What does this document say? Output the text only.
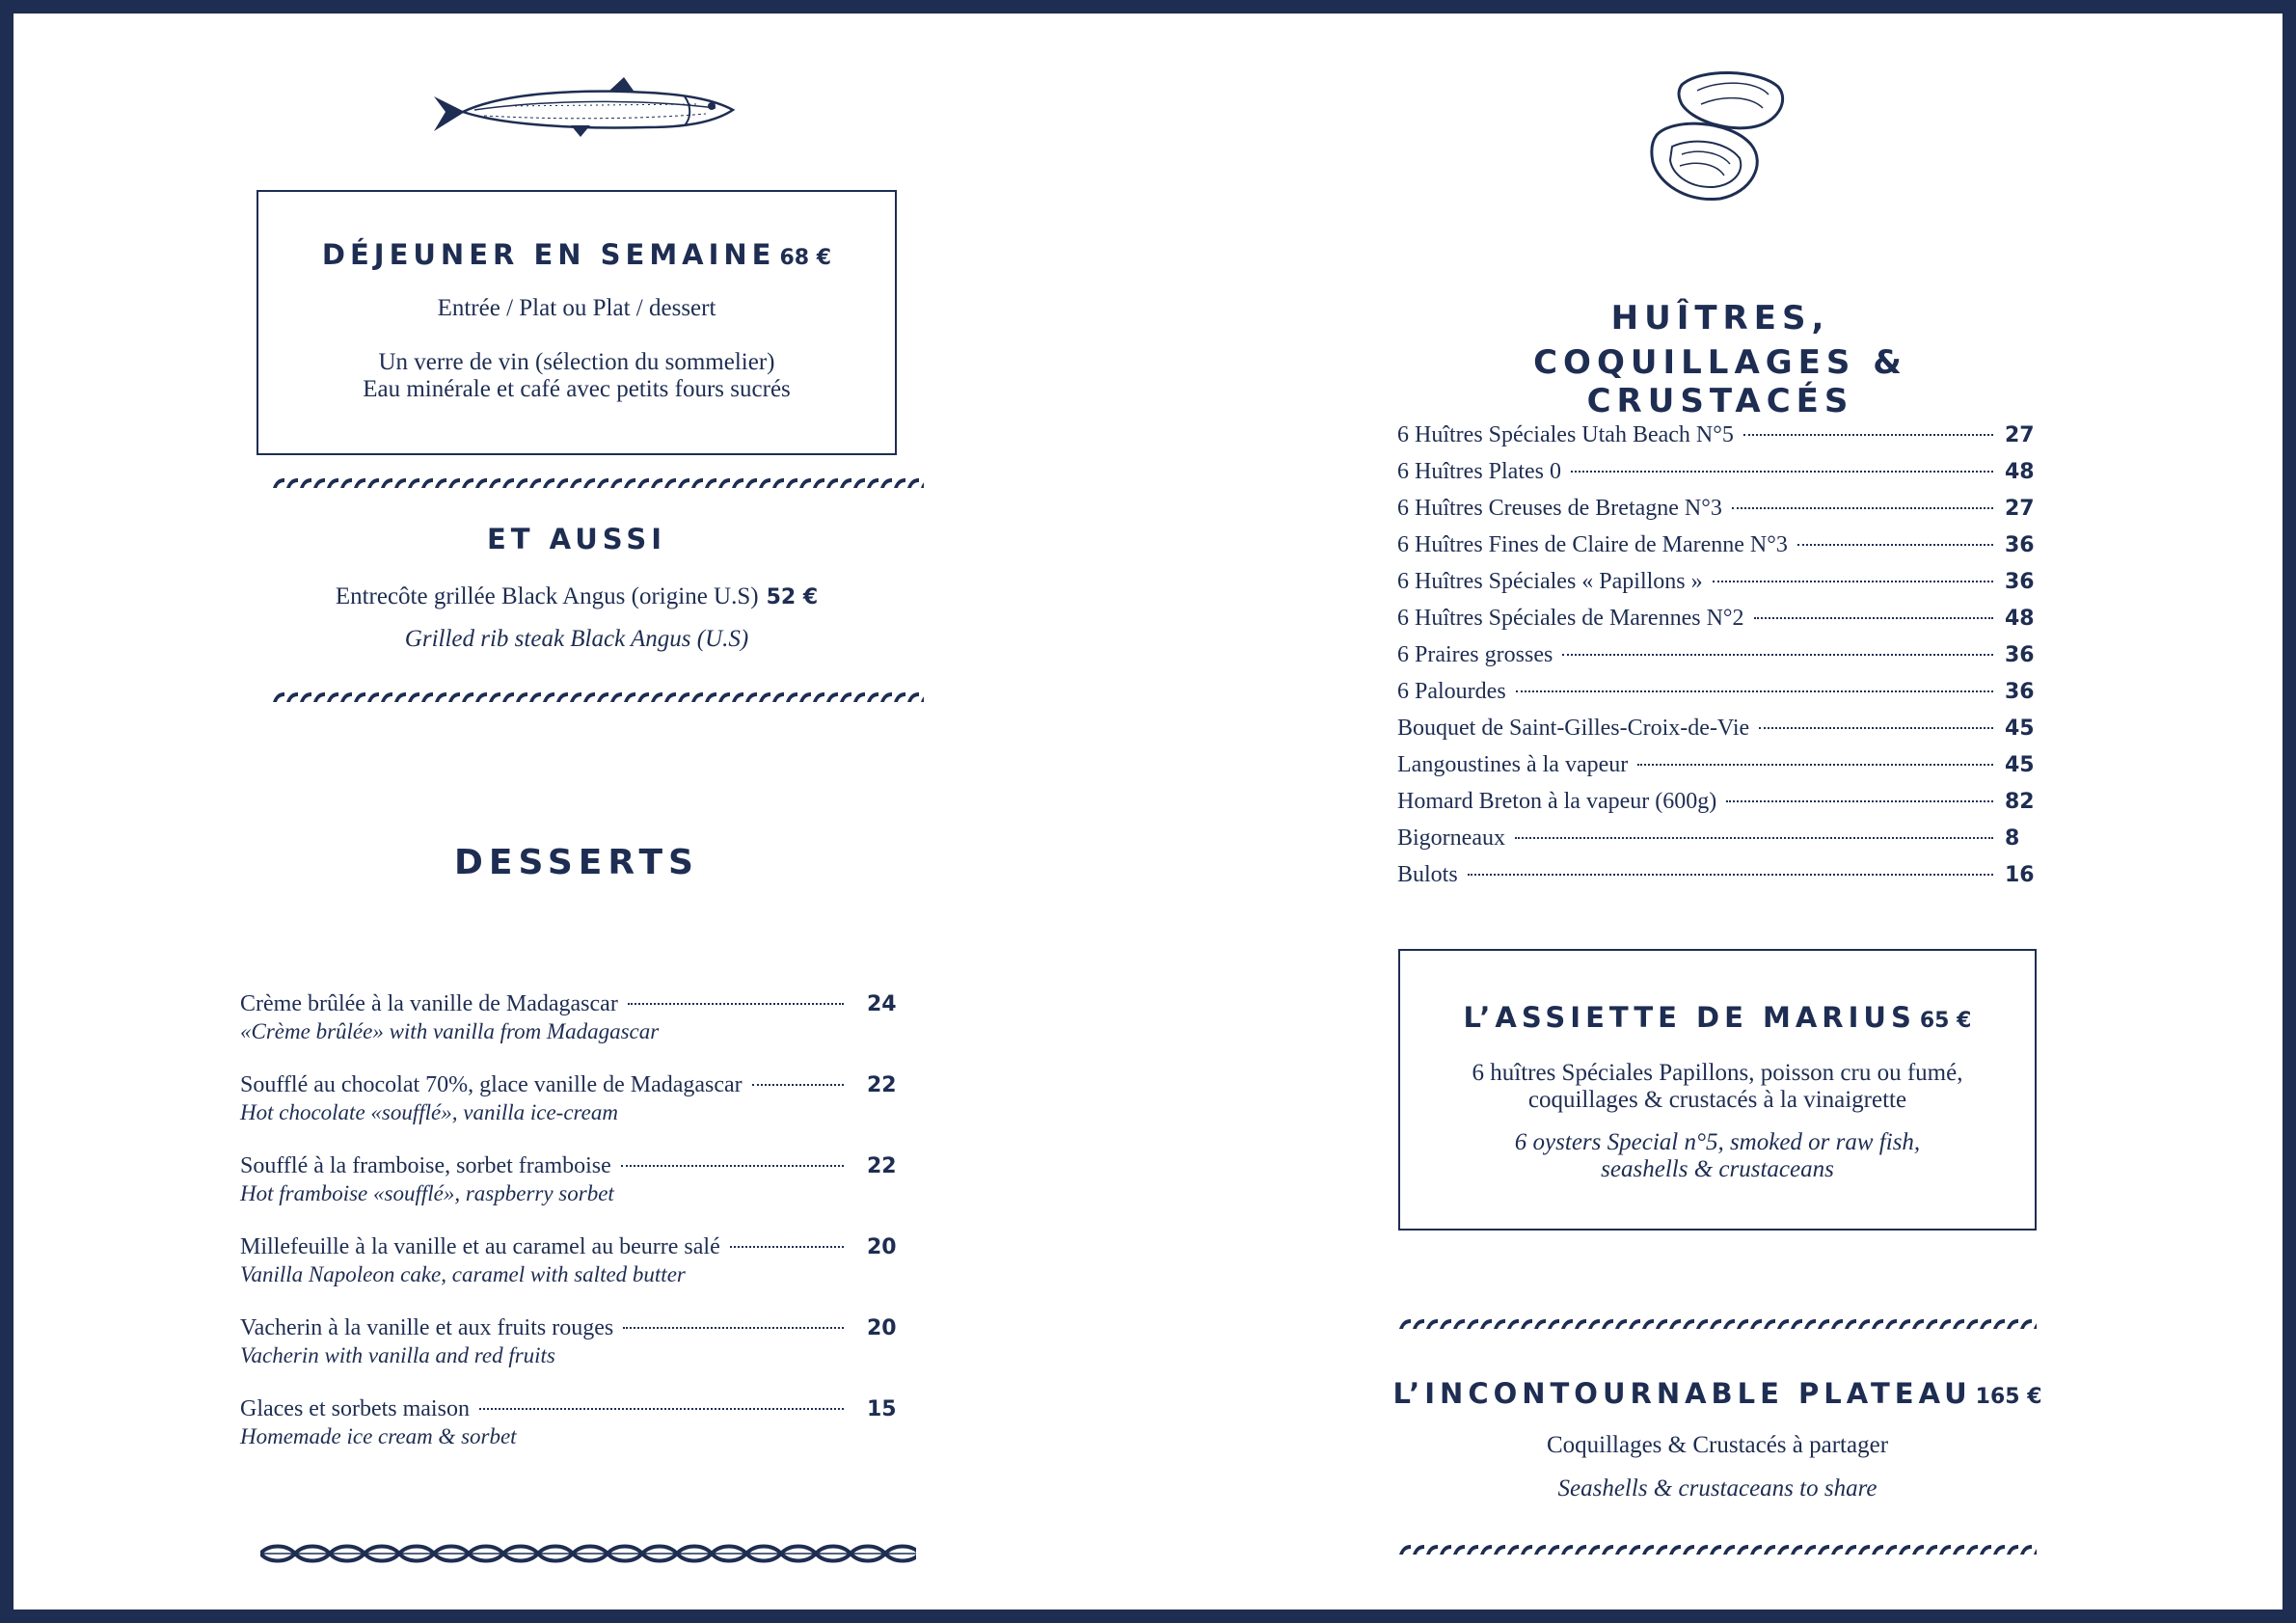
DÉJEUNER EN SEMAINE 68 €
Entrée / Plat ou Plat / dessert
Un verre de vin (sélection du sommelier)
Eau minérale et café avec petits fours sucrés
ET AUSSI
Entrecôte grillée Black Angus (origine U.S) 52 €
Grilled rib steak Black Angus (U.S)
DESSERTS
Crème brûlée à la vanille de Madagascar	24
«Crème brûlée» with vanilla from Madagascar
Soufflé au chocolat 70%, glace vanille de Madagascar	22
Hot chocolate «soufflé», vanilla ice-cream
Soufflé à la framboise, sorbet framboise	22
Hot framboise «soufflé», raspberry sorbet
Millefeuille à la vanille et au caramel au beurre salé	20
Vanilla Napoleon cake, caramel with salted butter
Vacherin à la vanille et aux fruits rouges	20
Vacherin with vanilla and red fruits
Glaces et sorbets maison	15
Homemade ice cream & sorbet
HUÎTRES,
COQUILLAGES & CRUSTACÉS
6 Huîtres Spéciales Utah Beach N°5	27
6 Huîtres Plates 0	48
6 Huîtres Creuses de Bretagne N°3	27
6 Huîtres Fines de Claire de Marenne N°3	36
6 Huîtres Spéciales « Papillons »	36
6 Huîtres Spéciales de Marennes N°2	48
6 Praires grosses	36
6 Palourdes	36
Bouquet de Saint-Gilles-Croix-de-Vie	45
Langoustines à la vapeur	45
Homard Breton à la vapeur (600g)	82
Bigorneaux	8
Bulots	16
L’ASSIETTE DE MARIUS 65 €
6 huîtres Spéciales Papillons, poisson cru ou fumé,
coquillages & crustacés à la vinaigrette
6 oysters Special n°5, smoked or raw fish,
seashells & crustaceans
L’INCONTOURNABLE PLATEAU 165 €
Coquillages & Crustacés à partager
Seashells & crustaceans to share
